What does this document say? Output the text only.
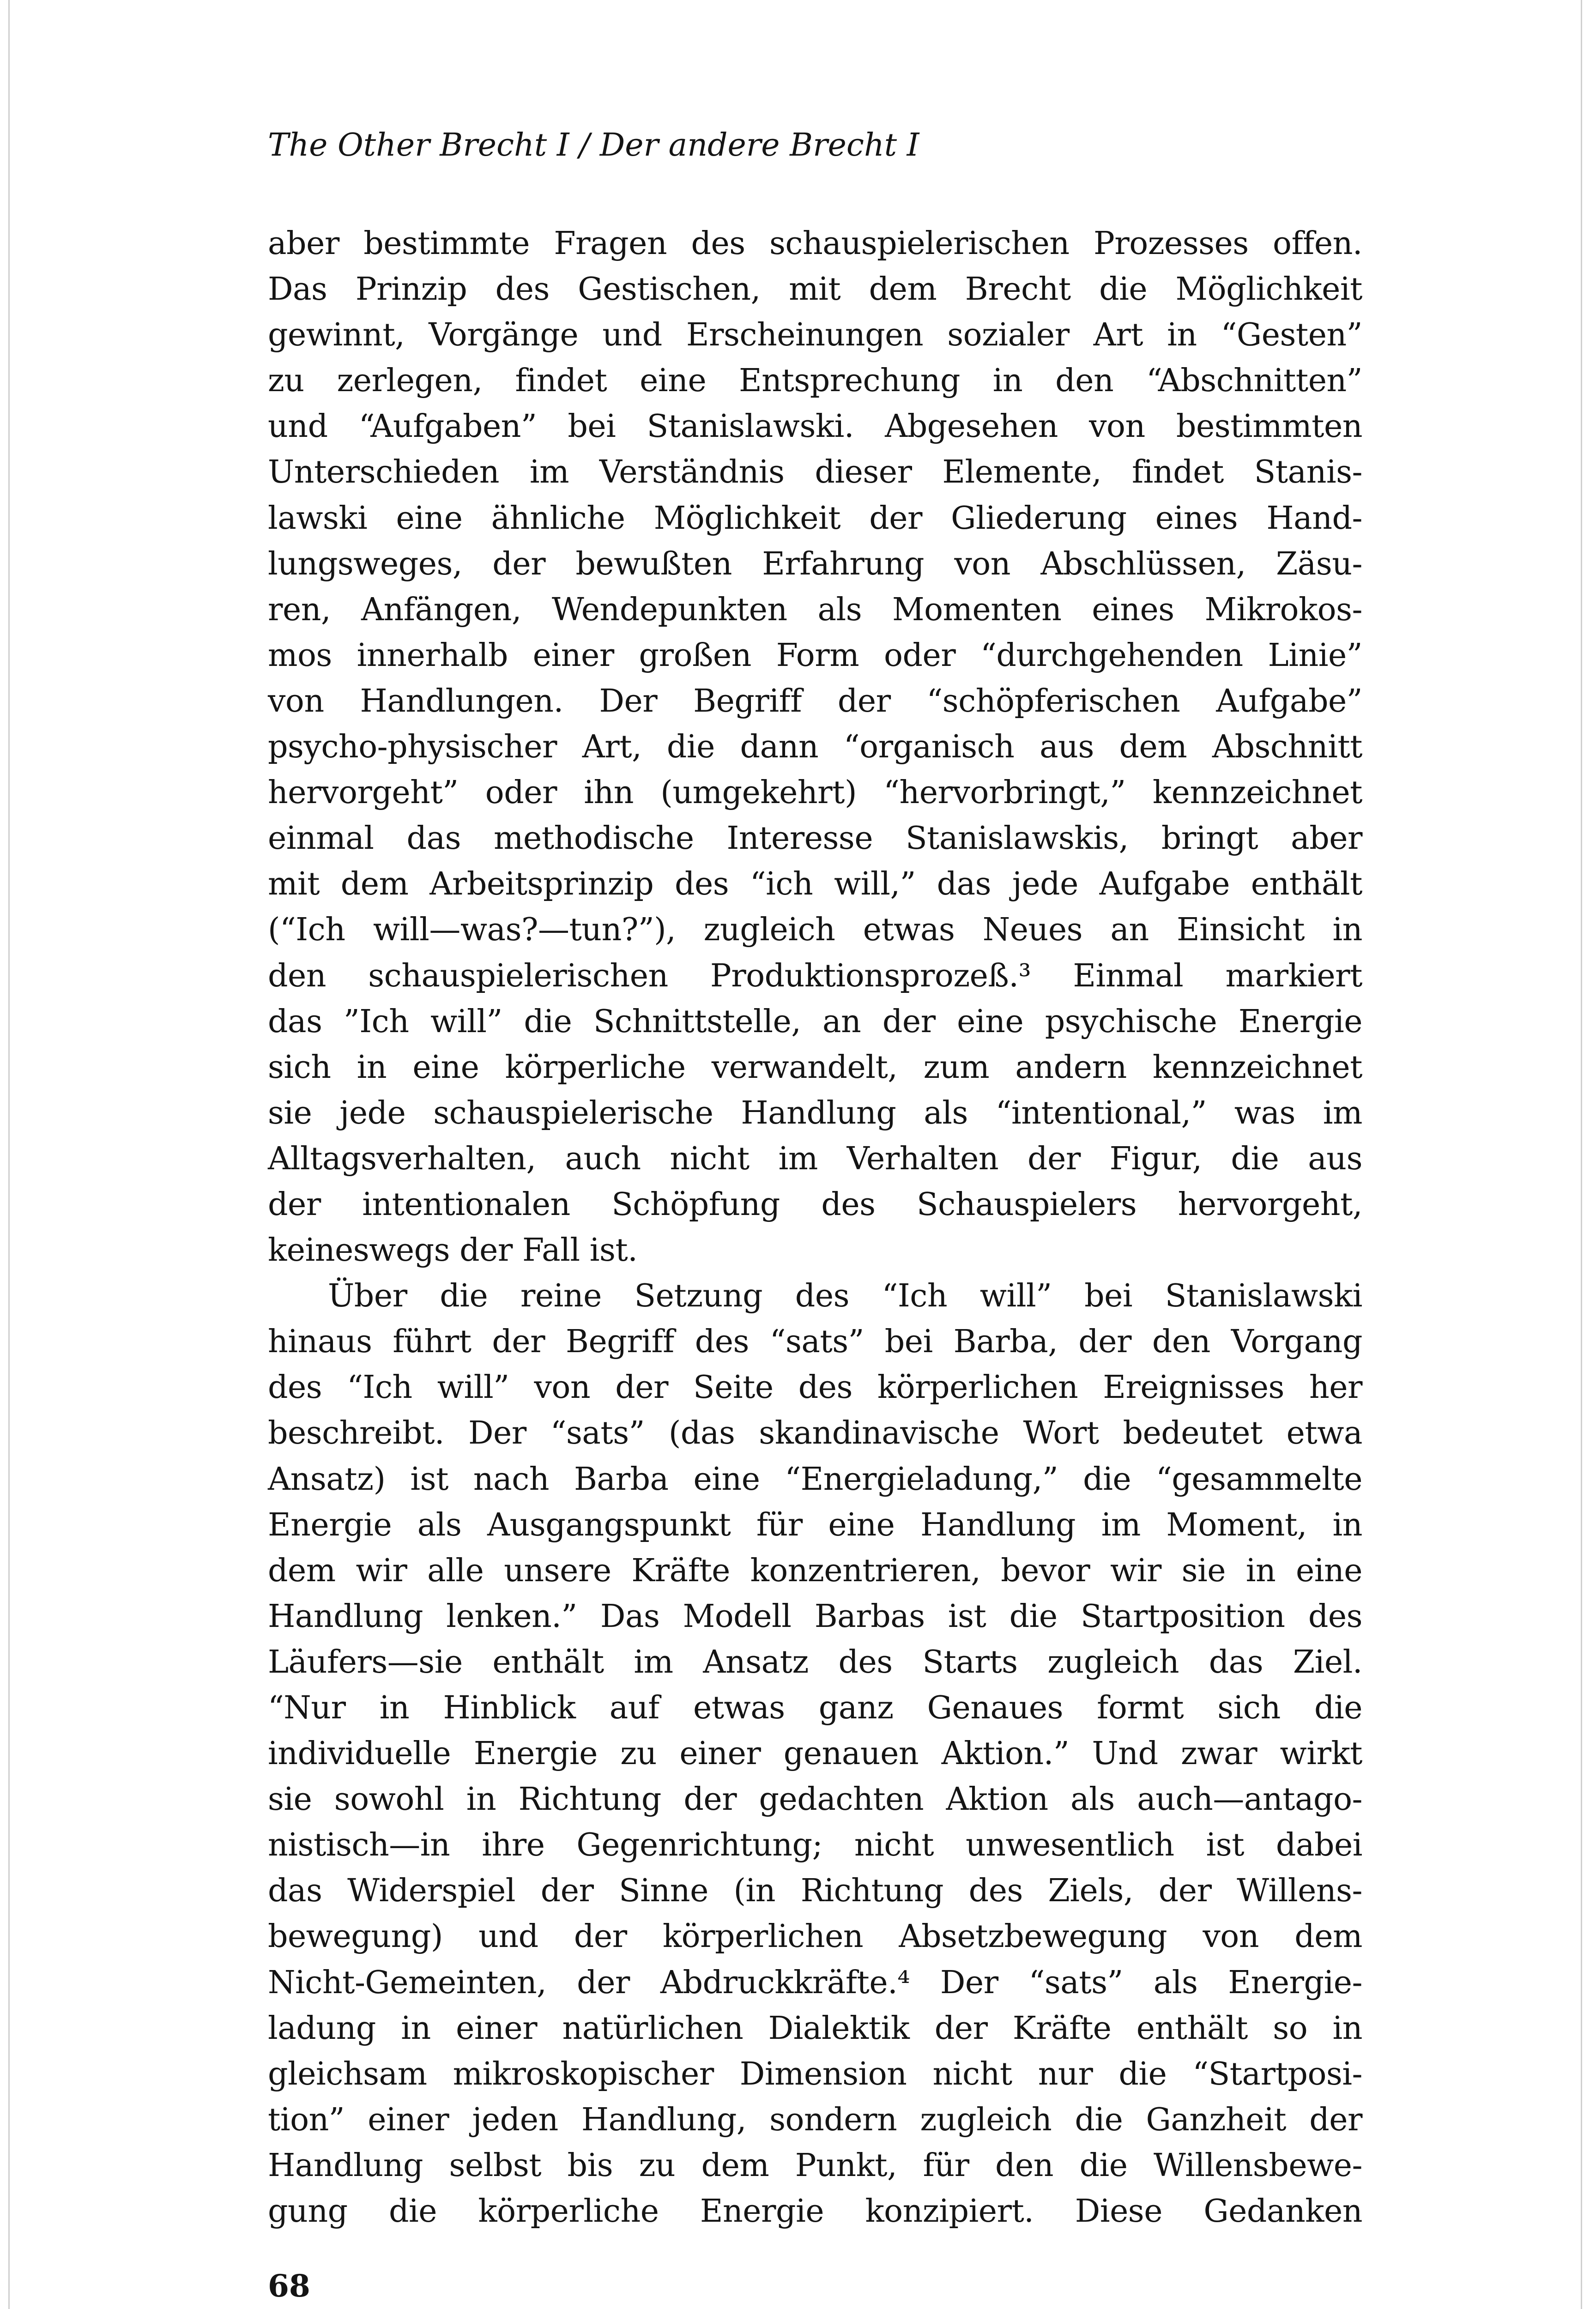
The Other Brecht I / Der andere Brecht I
aber bestimmte Fragen des schauspielerischen Prozesses offen.
Das Prinzip des Gestischen, mit dem Brecht die Möglichkeit
gewinnt, Vorgänge und Erscheinungen sozialer Art in “Gesten”
zu zerlegen, findet eine Entsprechung in den “Abschnitten”
und “Aufgaben” bei Stanislawski. Abgesehen von bestimmten
Unterschieden im Verständnis dieser Elemente, findet Stanis-
lawski eine ähnliche Möglichkeit der Gliederung eines Hand-
lungsweges, der bewußten Erfahrung von Abschlüssen, Zäsu-
ren, Anfängen, Wendepunkten als Momenten eines Mikrokos-
mos innerhalb einer großen Form oder “durchgehenden Linie”
von Handlungen. Der Begriff der “schöpferischen Aufgabe”
psycho-physischer Art, die dann “organisch aus dem Abschnitt
hervorgeht” oder ihn (umgekehrt) “hervorbringt,” kennzeichnet
einmal das methodische Interesse Stanislawskis, bringt aber
mit dem Arbeitsprinzip des “ich will,” das jede Aufgabe enthält
(“Ich will—was?—tun?”), zugleich etwas Neues an Einsicht in
den schauspielerischen Produktionsprozeß.³ Einmal markiert
das ”Ich will” die Schnittstelle, an der eine psychische Energie
sich in eine körperliche verwandelt, zum andern kennzeichnet
sie jede schauspielerische Handlung als “intentional,” was im
Alltagsverhalten, auch nicht im Verhalten der Figur, die aus
der intentionalen Schöpfung des Schauspielers hervorgeht,
keineswegs der Fall ist.
Über die reine Setzung des “Ich will” bei Stanislawski
hinaus führt der Begriff des “sats” bei Barba, der den Vorgang
des “Ich will” von der Seite des körperlichen Ereignisses her
beschreibt. Der “sats” (das skandinavische Wort bedeutet etwa
Ansatz) ist nach Barba eine “Energieladung,” die “gesammelte
Energie als Ausgangspunkt für eine Handlung im Moment, in
dem wir alle unsere Kräfte konzentrieren, bevor wir sie in eine
Handlung lenken.” Das Modell Barbas ist die Startposition des
Läufers—sie enthält im Ansatz des Starts zugleich das Ziel.
“Nur in Hinblick auf etwas ganz Genaues formt sich die
individuelle Energie zu einer genauen Aktion.” Und zwar wirkt
sie sowohl in Richtung der gedachten Aktion als auch—antago-
nistisch—in ihre Gegenrichtung; nicht unwesentlich ist dabei
das Widerspiel der Sinne (in Richtung des Ziels, der Willens-
bewegung) und der körperlichen Absetzbewegung von dem
Nicht-Gemeinten, der Abdruckkräfte.⁴ Der “sats” als Energie-
ladung in einer natürlichen Dialektik der Kräfte enthält so in
gleichsam mikroskopischer Dimension nicht nur die “Startposi-
tion” einer jeden Handlung, sondern zugleich die Ganzheit der
Handlung selbst bis zu dem Punkt, für den die Willensbewe-
gung die körperliche Energie konzipiert. Diese Gedanken
68
